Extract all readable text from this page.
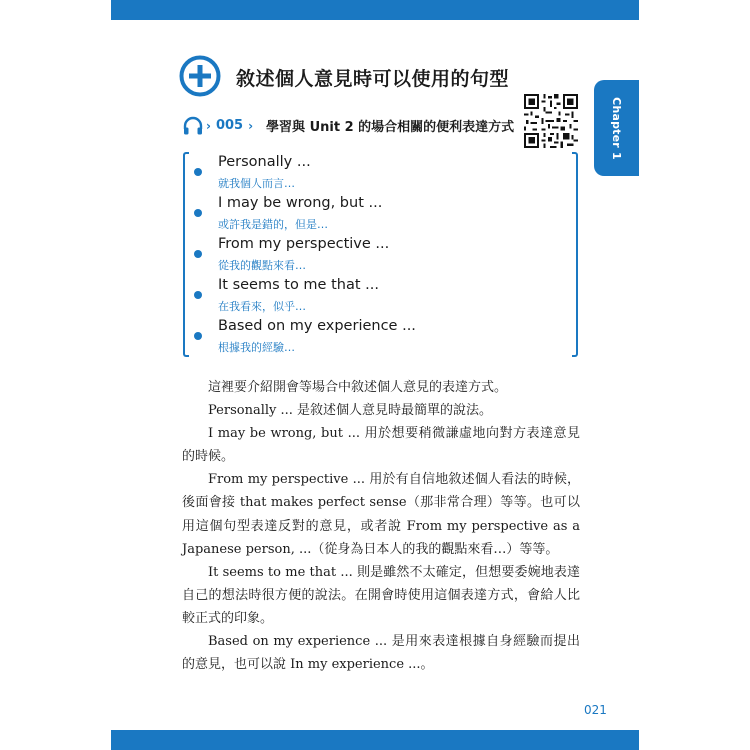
Chapter 1
敘述個人意見時可以使用的句型
› 005 › 學習與 Unit 2 的場合相關的便利表達方式
Personally ...
就我個人而言…
I may be wrong, but ...
或許我是錯的，但是…
From my perspective ...
從我的觀點來看…
It seems to me that ...
在我看來，似乎…
Based on my experience ...
根據我的經驗…

這裡要介紹開會等場合中敘述個人意見的表達方式。

Personally ... 是敘述個人意見時最簡單的說法。

I may be wrong, but ... 用於想要稍微謙虛地向對方表達意見的時候。

From my perspective ... 用於有自信地敘述個人看法的時候，後面會接 that makes perfect sense（那非常合理）等等。也可以用這個句型表達反對的意見，或者說 From my perspective as a Japanese person, ...（從身為日本人的我的觀點來看…）等等。

It seems to me that ... 則是雖然不太確定，但想要委婉地表達自己的想法時很方便的說法。在開會時使用這個表達方式，會給人比較正式的印象。

Based on my experience ... 是用來表達根據自身經驗而提出的意見，也可以說 In my experience ...。

021
